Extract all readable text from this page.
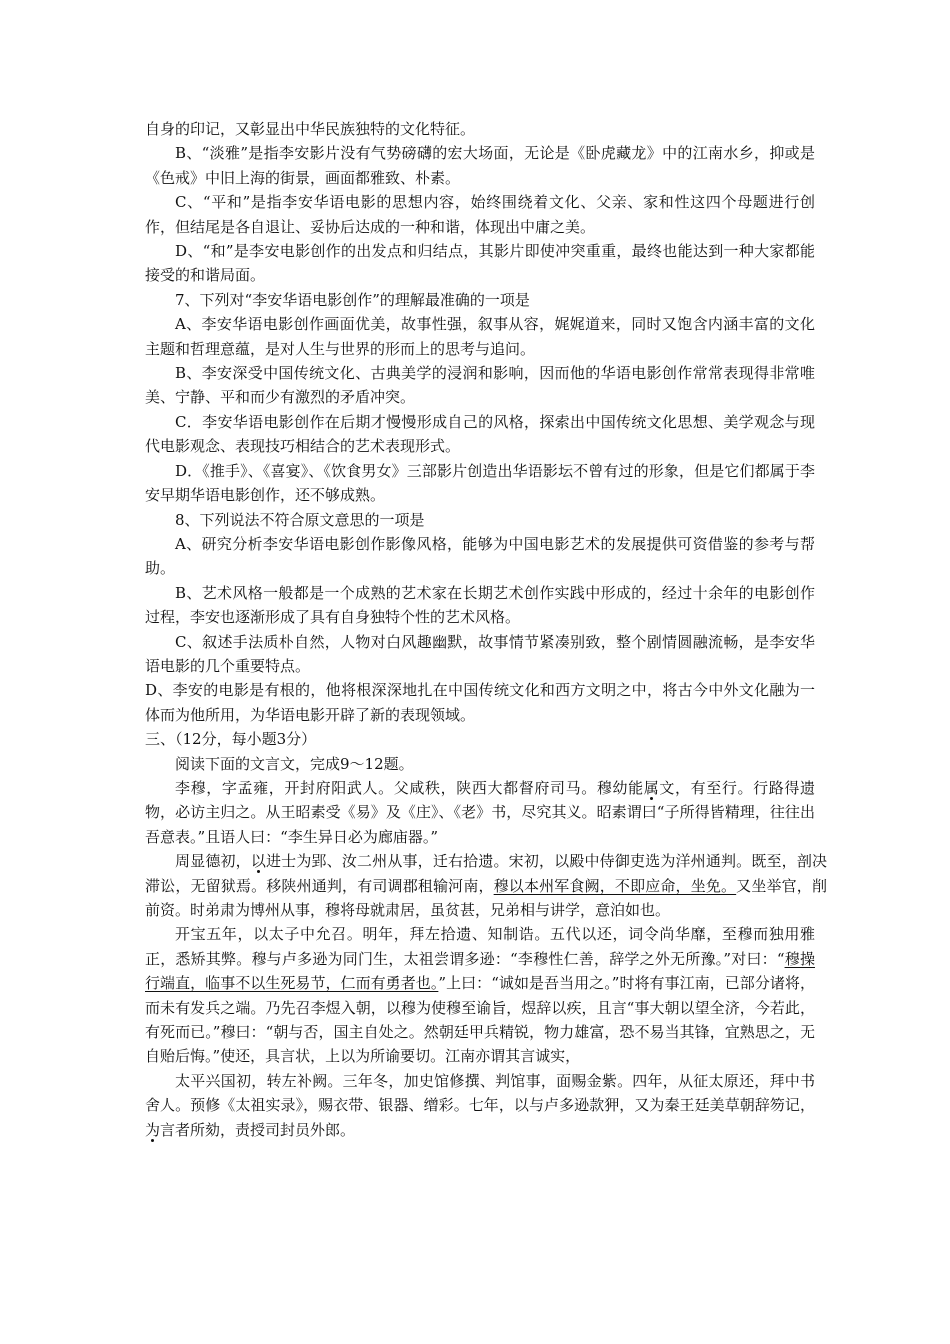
自身的印记，又彰显出中华民族独特的文化特征。

B、“淡雅”是指李安影片没有气势磅礴的宏大场面，无论是《卧虎藏龙》中的江南水乡，抑或是《色戒》中旧上海的街景，画面都雅致、朴素。

C、“平和”是指李安华语电影的思想内容，始终围绕着文化、父亲、家和性这四个母题进行创作，但结尾是各自退让、妥协后达成的一种和谐，体现出中庸之美。

D、“和”是李安电影创作的出发点和归结点，其影片即使冲突重重，最终也能达到一种大家都能接受的和谐局面。

7、下列对“李安华语电影创作”的理解最准确的一项是

A、李安华语电影创作画面优美，故事性强，叙事从容，娓娓道来，同时又饱含内涵丰富的文化主题和哲理意蕴，是对人生与世界的形而上的思考与追问。

B、李安深受中国传统文化、古典美学的浸润和影响，因而他的华语电影创作常常表现得非常唯美、宁静、平和而少有激烈的矛盾冲突。

C．李安华语电影创作在后期才慢慢形成自己的风格，探索出中国传统文化思想、美学观念与现代电影观念、表现技巧相结合的艺术表现形式。

D．《推手》、《喜宴》、《饮食男女》三部影片创造出华语影坛不曾有过的形象，但是它们都属于李安早期华语电影创作，还不够成熟。

8、下列说法不符合原文意思的一项是

A、研究分析李安华语电影创作影像风格，能够为中国电影艺术的发展提供可资借鉴的参考与帮助。

B、艺术风格一般都是一个成熟的艺术家在长期艺术创作实践中形成的，经过十余年的电影创作过程，李安也逐渐形成了具有自身独特个性的艺术风格。

C、叙述手法质朴自然，人物对白风趣幽默，故事情节紧凑别致，整个剧情圆融流畅，是李安华语电影的几个重要特点。

D、李安的电影是有根的，他将根深深地扎在中国传统文化和西方文明之中，将古今中外文化融为一体而为他所用，为华语电影开辟了新的表现领域。

三、（12分，每小题3分）

阅读下面的文言文，完成9～12题。

李穆，字孟雍，开封府阳武人。父咸秩，陕西大都督府司马。穆幼能属文，有至行。行路得遗物，必访主归之。从王昭素受《易》及《庄》、《老》书，尽究其义。昭素谓曰“子所得皆精理，往往出吾意表。”且语人曰：“李生异日必为廊庙器。”

周显德初，以进士为郢、汝二州从事，迁右拾遗。宋初，以殿中侍御吏选为洋州通判。既至，剖决滞讼，无留狱焉。移陕州通判，有司调郡租输河南，穆以本州军食阙，不即应命，坐免。又坐举官，削前资。时弟肃为博州从事，穆将母就肃居，虽贫甚，兄弟相与讲学，意泊如也。

开宝五年，以太子中允召。明年，拜左拾遗、知制诰。五代以还，词令尚华靡，至穆而独用雅正，悉矫其弊。穆与卢多逊为同门生，太祖尝谓多逊：“李穆性仁善，辞学之外无所豫。”对曰：“穆操行端直，临事不以生死易节，仁而有勇者也。”上曰：“诚如是吾当用之。”时将有事江南，已部分诸将，而未有发兵之端。乃先召李煜入朝，以穆为使穆至谕旨，煜辞以疾，且言“事大朝以望全济，今若此，有死而已。”穆曰：“朝与否，国主自处之。然朝廷甲兵精锐，物力雄富，恐不易当其锋，宜熟思之，无自贻后悔。”使还，具言状，上以为所谕要切。江南亦谓其言诚实，

太平兴国初，转左补阙。三年冬，加史馆修撰、判馆事，面赐金紫。四年，从征太原还，拜中书舍人。预修《太祖实录》，赐衣带、银器、缯彩。七年，以与卢多逊款狎，又为秦王廷美草朝辞笏记，为言者所劾，责授司封员外郎。
